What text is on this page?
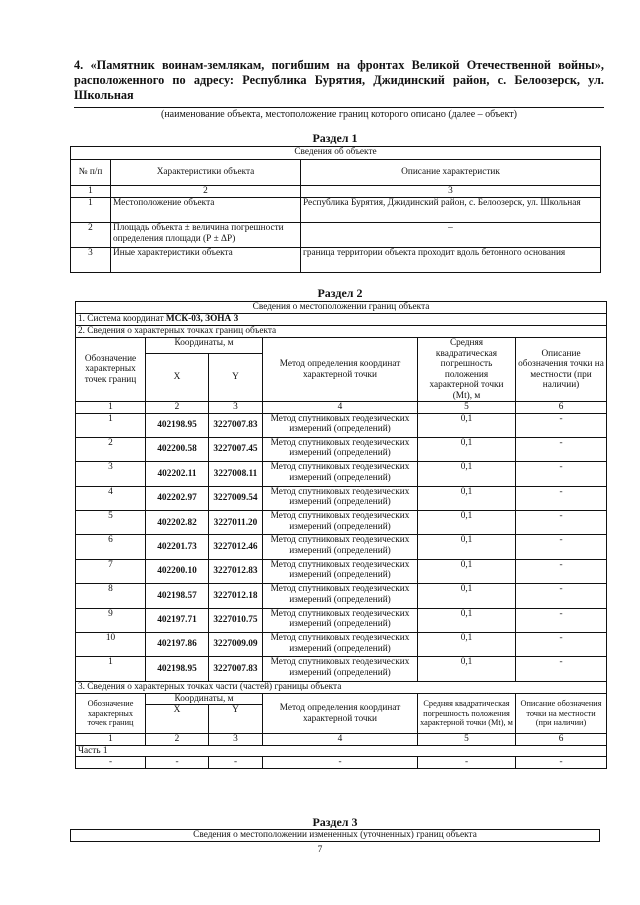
4. «Памятник воинам-землякам, погибшим на фронтах Великой Отечественной войны», расположенного по адресу: Республика Бурятия, Джидинский район, с. Белоозерск, ул. Школьная
(наименование объекта, местоположение границ которого описано (далее – объект)
Раздел 1
Сведения об объекте		
№ п/п	Характеристики объекта	Описание характеристик
1	2	3
1	Местоположение объекта	Республика Бурятия, Джидинский район, с. Белоозерск, ул. Школьная
2	Площадь объекта ± величина погрешности определения площади (Р ± ΔР)	–
3	Иные характеристики объекта	граница территории объекта проходит вдоль бетонного основания
Раздел 2
Сведения о местоположении границ объекта					
1. Система координат МСК-03, ЗОНА 3					
2. Сведения о характерных точках границ объекта					
Обозначение характерных точек границ	Координаты, м		Метод определения координат характерной точки	Средняя квадратическая погрешность положения характерной точки (Mt), м	Описание обозначения точки на местности (при наличии)
	X	Y			
1	2	3	4	5	6
1	402198.95	3227007.83	Метод спутниковых геодезических измерений (определений)	0,1	-
2	402200.58	3227007.45	Метод спутниковых геодезических измерений (определений)	0,1	-
3	402202.11	3227008.11	Метод спутниковых геодезических измерений (определений)	0,1	-
4	402202.97	3227009.54	Метод спутниковых геодезических измерений (определений)	0,1	-
5	402202.82	3227011.20	Метод спутниковых геодезических измерений (определений)	0,1	-
6	402201.73	3227012.46	Метод спутниковых геодезических измерений (определений)	0,1	-
7	402200.10	3227012.83	Метод спутниковых геодезических измерений (определений)	0,1	-
8	402198.57	3227012.18	Метод спутниковых геодезических измерений (определений)	0,1	-
9	402197.71	3227010.75	Метод спутниковых геодезических измерений (определений)	0,1	-
10	402197.86	3227009.09	Метод спутниковых геодезических измерений (определений)	0,1	-
1	402198.95	3227007.83	Метод спутниковых геодезических измерений (определений)	0,1	-
3. Сведения о характерных точках части (частей) границы объекта					
Обозначение характерных точек границ	Координаты, м		Метод определения координат характерной точки	Средняя квадратическая погрешность положения характерной точки (Mt), м	Описание обозначения точки на местности (при наличии)
	X	Y			
1	2	3	4	5	6
Часть 1					
-	-	-	-	-	-
Раздел 3
Сведения о местоположении измененных (уточненных) границ объекта
7
